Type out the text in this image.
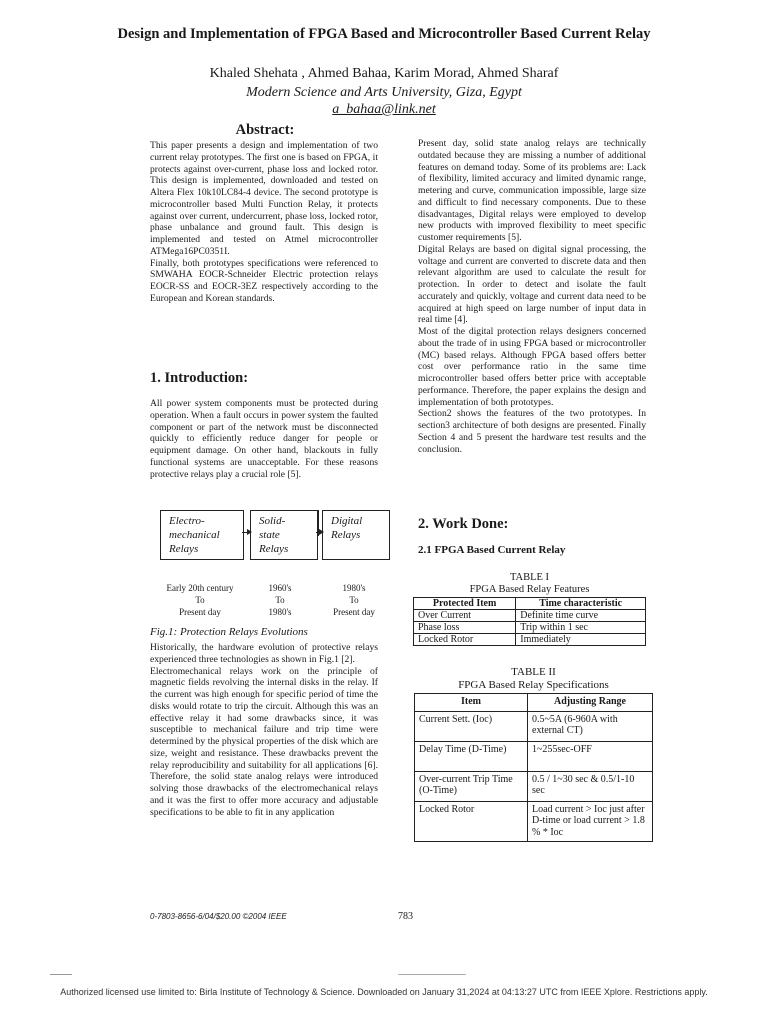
Design and Implementation of FPGA Based and Microcontroller Based Current Relay
Khaled Shehata , Ahmed Bahaa, Karim Morad, Ahmed Sharaf
Modern Science and Arts University, Giza, Egypt
a_bahaa@link.net
Abstract:

This paper presents a design and implementation of two current relay prototypes. The first one is based on FPGA, it protects against over-current, phase loss and locked rotor. This design is implemented, downloaded and tested on Altera Flex 10k10LC84-4 device. The second prototype is microcontroller based Multi Function Relay, it protects against over current, undercurrent, phase loss, locked rotor, phase unbalance and ground fault. This design is implemented and tested on Atmel microcontroller ATMega16PC0351I.

Finally, both prototypes specifications were referenced to SMWAHA EOCR-Schneider Electric protection relays EOCR-SS and EOCR-3EZ respectively according to the European and Korean standards.

1. Introduction:
All power system components must be protected during operation. When a fault occurs in power system the faulted component or part of the network must be disconnected quickly to efficiently reduce danger for people or equipment damage. On other hand, blackouts in fully functional systems are unacceptable. For these reasons protective relays play a crucial role [5].
Electro-
mechanical
Relays
Solid-
state
Relays
Digital
Relays
Early 20th century
To
Present day
1960's
To
1980's
1980's
To
Present day
Fig.1: Protection Relays Evolutions

Historically, the hardware evolution of protective relays experienced three technologies as shown in Fig.1 [2].

Electromechanical relays work on the principle of magnetic fields revolving the internal disks in the relay. If the current was high enough for specific period of time the disks would rotate to trip the circuit. Although this was an effective relay it had some drawbacks since, it was susceptible to mechanical failure and trip time were determined by the physical properties of the disk which are size, weight and resistance. These drawbacks prevent the relay reproducibility and suitability for all applications [6]. Therefore, the solid state analog relays were introduced solving those drawbacks of the electromechanical relays and it was the first to offer more accuracy and adjustable specifications to be able to fit in any application

Present day, solid state analog relays are technically outdated because they are missing a number of additional features on demand today. Some of its problems are: Lack of flexibility, limited accuracy and limited dynamic range, metering and curve, communication impossible, large size and difficult to find necessary components. Due to these disadvantages, Digital relays were employed to develop new products with improved flexibility to meet specific customer requirements [5].

Digital Relays are based on digital signal processing, the voltage and current are converted to discrete data and then relevant algorithm are used to calculate the result for protection. In order to detect and isolate the fault accurately and quickly, voltage and current data need to be acquired at high speed on large number of input data in real time [4].

Most of the digital protection relays designers concerned about the trade of in using FPGA based or microcontroller (MC) based relays. Although FPGA based offers better cost over performance ratio in the same time microcontroller based offers better price with acceptable performance. Therefore, the paper explains the design and implementation of both prototypes.

Section2 shows the features of the two prototypes. In section3 architecture of both designs are presented. Finally Section 4 and 5 present the hardware test results and the conclusion.

2. Work Done:
2.1 FPGA Based Current Relay
TABLE I
FPGA Based Relay Features
Protected Item	Time characteristic
Over Current	Definite time curve
Phase loss	Trip within 1 sec
Locked Rotor	Immediately
TABLE II
FPGA Based Relay Specifications
Item	Adjusting Range
Current Sett. (Ioc)	0.5~5A (6-960A with external CT)
Delay Time (D-Time)	1~255sec-OFF
Over-current Trip Time (O-Time)	0.5 / 1~30 sec & 0.5/1-10 sec
Locked Rotor	Load current > Ioc just after D-time or load current > 1.8 % * Ioc
0-7803-8656-6/04/$20.00 ©2004 IEEE	783
Authorized licensed use limited to: Birla Institute of Technology & Science. Downloaded on January 31,2024 at 04:13:27 UTC from IEEE Xplore. Restrictions apply.
